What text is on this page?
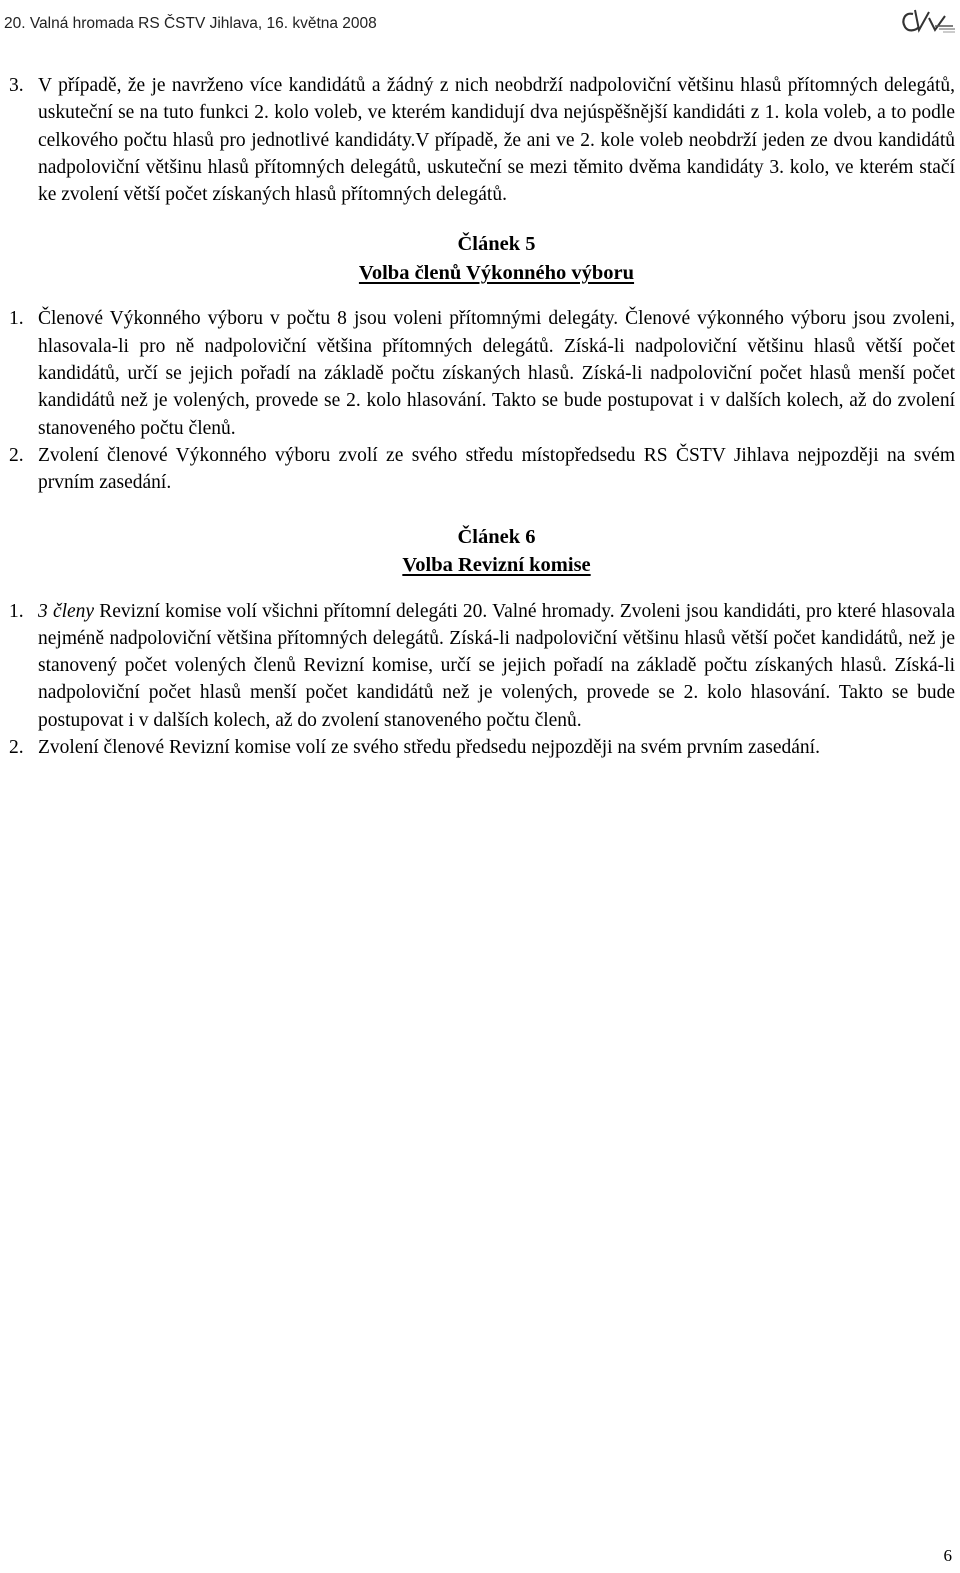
20. Valná hromada RS ČSTV Jihlava, 16. května 2008

3. V případě, že je navrženo více kandidátů a žádný z nich neobdrží nadpoloviční většinu hlasů přítomných delegátů, uskuteční se na tuto funkci 2. kolo voleb, ve kterém kandidují dva nejúspěšnější kandidáti z 1. kola voleb, a to podle celkového počtu hlasů pro jednotlivé kandidáty.V případě, že ani ve 2. kole voleb neobdrží jeden ze dvou kandidátů nadpoloviční většinu hlasů přítomných delegátů, uskuteční se mezi těmito dvěma kandidáty 3. kolo, ve kterém stačí ke zvolení větší počet získaných hlasů přítomných delegátů.

Článek 5

Volba členů Výkonného výboru

1. Členové Výkonného výboru v počtu 8 jsou voleni přítomnými delegáty. Členové výkonného výboru jsou zvoleni, hlasovala-li pro ně nadpoloviční většina přítomných delegátů. Získá-li nadpoloviční většinu hlasů větší počet kandidátů, určí se jejich pořadí na základě počtu získaných hlasů. Získá-li nadpoloviční počet hlasů menší počet kandidátů než je volených, provede se 2. kolo hlasování. Takto se bude postupovat i v dalších kolech, až do zvolení stanoveného počtu členů.

2. Zvolení členové Výkonného výboru zvolí ze svého středu místopředsedu RS ČSTV Jihlava nejpozději na svém prvním zasedání.

Článek 6

Volba Revizní komise

1. 3 členy Revizní komise volí všichni přítomní delegáti 20. Valné hromady. Zvoleni jsou kandidáti, pro které hlasovala nejméně nadpoloviční většina přítomných delegátů. Získá-li nadpoloviční většinu hlasů větší počet kandidátů, než je stanovený počet volených členů Revizní komise, určí se jejich pořadí na základě počtu získaných hlasů. Získá-li nadpoloviční počet hlasů menší počet kandidátů než je volených, provede se 2. kolo hlasování. Takto se bude postupovat i v dalších kolech, až do zvolení stanoveného počtu členů.

2. Zvolení členové Revizní komise volí ze svého středu předsedu nejpozději na svém prvním zasedání.

6
